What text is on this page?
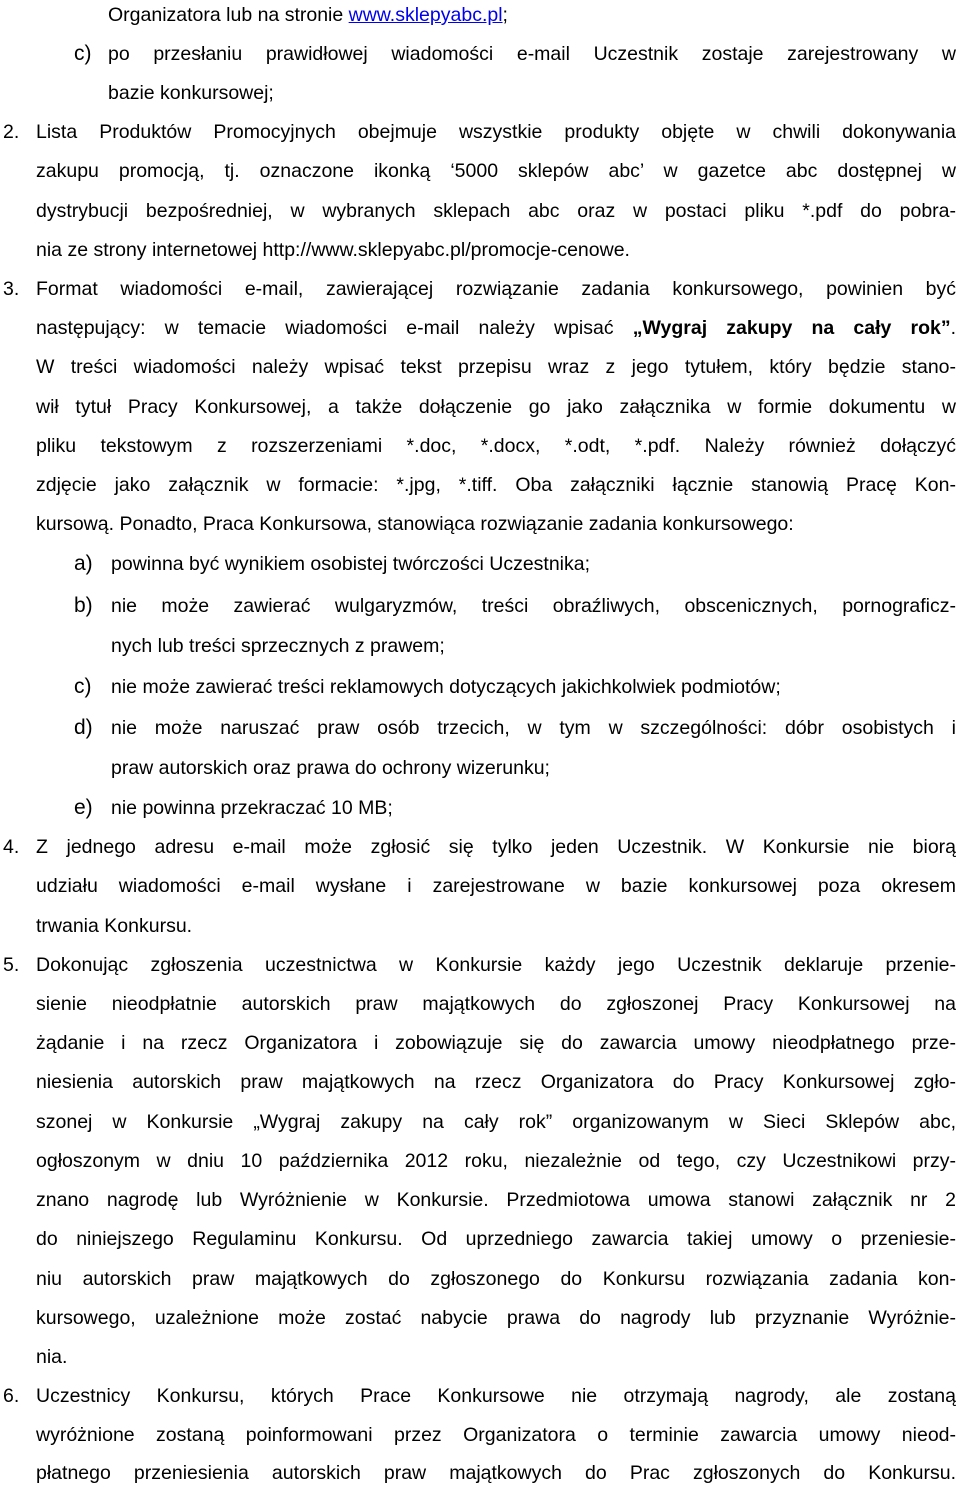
Organizatora lub na stronie www.sklepyabc.pl;
c) po przesłaniu prawidłowej wiadomości e-mail Uczestnik zostaje zarejestrowany w
bazie konkursowej;
2. Lista Produktów Promocyjnych obejmuje wszystkie produkty objęte w chwili dokonywania
zakupu promocją, tj. oznaczone ikonką ‘5000 sklepów abc’ w gazetce abc dostępnej w
dystrybucji bezpośredniej, w wybranych sklepach abc oraz w postaci pliku *.pdf do pobra-
nia ze strony internetowej http://www.sklepyabc.pl/promocje-cenowe.
3. Format wiadomości e-mail, zawierającej rozwiązanie zadania konkursowego, powinien być
następujący: w temacie wiadomości e-mail należy wpisać „Wygraj zakupy na cały rok”.
W treści wiadomości należy wpisać tekst przepisu wraz z jego tytułem, który będzie stano-
wił tytuł Pracy Konkursowej, a także dołączenie go jako załącznika w formie dokumentu w
pliku tekstowym z rozszerzeniami *.doc, *.docx, *.odt, *.pdf. Należy również dołączyć
zdjęcie jako załącznik w formacie: *.jpg, *.tiff. Oba załączniki łącznie stanowią Pracę Kon-
kursową. Ponadto, Praca Konkursowa, stanowiąca rozwiązanie zadania konkursowego:
a) powinna być wynikiem osobistej twórczości Uczestnika;
b) nie może zawierać wulgaryzmów, treści obraźliwych, obscenicznych, pornograficz-
nych lub treści sprzecznych z prawem;
c) nie może zawierać treści reklamowych dotyczących jakichkolwiek podmiotów;
d) nie może naruszać praw osób trzecich, w tym w szczególności: dóbr osobistych i
praw autorskich oraz prawa do ochrony wizerunku;
e) nie powinna przekraczać 10 MB;
4. Z jednego adresu e-mail może zgłosić się tylko jeden Uczestnik. W Konkursie nie biorą
udziału wiadomości e-mail wysłane i zarejestrowane w bazie konkursowej poza okresem
trwania Konkursu.
5. Dokonując zgłoszenia uczestnictwa w Konkursie każdy jego Uczestnik deklaruje przenie-
sienie nieodpłatnie autorskich praw majątkowych do zgłoszonej Pracy Konkursowej na
żądanie i na rzecz Organizatora i zobowiązuje się do zawarcia umowy nieodpłatnego prze-
niesienia autorskich praw majątkowych na rzecz Organizatora do Pracy Konkursowej zgło-
szonej w Konkursie „Wygraj zakupy na cały rok” organizowanym w Sieci Sklepów abc,
ogłoszonym w dniu 10 października 2012 roku, niezależnie od tego, czy Uczestnikowi przy-
znano nagrodę lub Wyróżnienie w Konkursie. Przedmiotowa umowa stanowi załącznik nr 2
do niniejszego Regulaminu Konkursu. Od uprzedniego zawarcia takiej umowy o przeniesie-
niu autorskich praw majątkowych do zgłoszonego do Konkursu rozwiązania zadania kon-
kursowego, uzależnione może zostać nabycie prawa do nagrody lub przyznanie Wyróżnie-
nia.
6. Uczestnicy Konkursu, których Prace Konkursowe nie otrzymają nagrody, ale zostaną
wyróżnione zostaną poinformowani przez Organizatora o terminie zawarcia umowy nieod-
płatnego przeniesienia autorskich praw majątkowych do Prac zgłoszonych do Konkursu.
